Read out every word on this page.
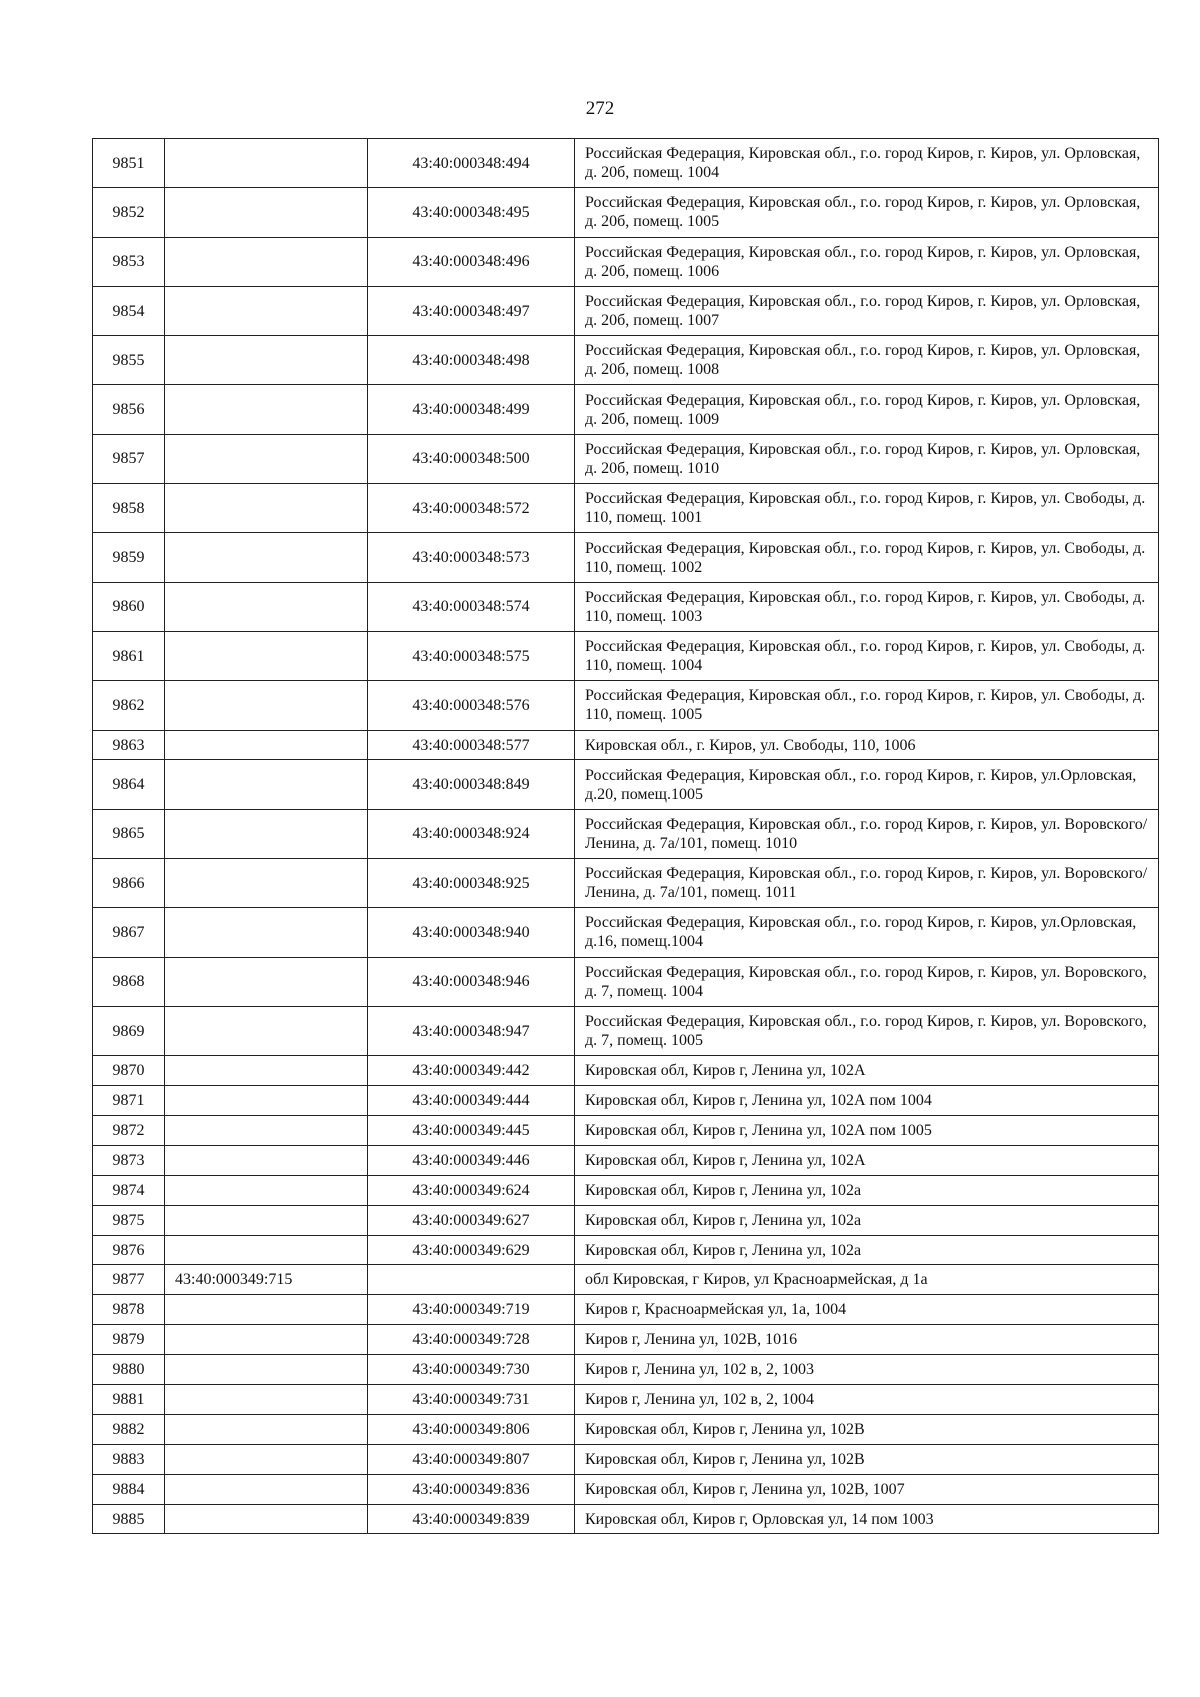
272
9851		43:40:000348:494	Российская Федерация, Кировская обл., г.о. город Киров, г. Киров, ул. Орловская, д. 20б, помещ. 1004
9852		43:40:000348:495	Российская Федерация, Кировская обл., г.о. город Киров, г. Киров, ул. Орловская, д. 20б, помещ. 1005
9853		43:40:000348:496	Российская Федерация, Кировская обл., г.о. город Киров, г. Киров, ул. Орловская, д. 20б, помещ. 1006
9854		43:40:000348:497	Российская Федерация, Кировская обл., г.о. город Киров, г. Киров, ул. Орловская, д. 20б, помещ. 1007
9855		43:40:000348:498	Российская Федерация, Кировская обл., г.о. город Киров, г. Киров, ул. Орловская, д. 20б, помещ. 1008
9856		43:40:000348:499	Российская Федерация, Кировская обл., г.о. город Киров, г. Киров, ул. Орловская, д. 20б, помещ. 1009
9857		43:40:000348:500	Российская Федерация, Кировская обл., г.о. город Киров, г. Киров, ул. Орловская, д. 20б, помещ. 1010
9858		43:40:000348:572	Российская Федерация, Кировская обл., г.о. город Киров, г. Киров, ул. Свободы, д. 110, помещ. 1001
9859		43:40:000348:573	Российская Федерация, Кировская обл., г.о. город Киров, г. Киров, ул. Свободы, д. 110, помещ. 1002
9860		43:40:000348:574	Российская Федерация, Кировская обл., г.о. город Киров, г. Киров, ул. Свободы, д. 110, помещ. 1003
9861		43:40:000348:575	Российская Федерация, Кировская обл., г.о. город Киров, г. Киров, ул. Свободы, д. 110, помещ. 1004
9862		43:40:000348:576	Российская Федерация, Кировская обл., г.о. город Киров, г. Киров, ул. Свободы, д. 110, помещ. 1005
9863		43:40:000348:577	Кировская обл., г. Киров, ул. Свободы, 110, 1006
9864		43:40:000348:849	Российская Федерация, Кировская обл., г.о. город Киров, г. Киров, ул.Орловская, д.20, помещ.1005
9865		43:40:000348:924	Российская Федерация, Кировская обл., г.о. город Киров, г. Киров, ул. Воровского/Ленина, д. 7а/101, помещ. 1010
9866		43:40:000348:925	Российская Федерация, Кировская обл., г.о. город Киров, г. Киров, ул. Воровского/Ленина, д. 7а/101, помещ. 1011
9867		43:40:000348:940	Российская Федерация, Кировская обл., г.о. город Киров, г. Киров, ул.Орловская, д.16, помещ.1004
9868		43:40:000348:946	Российская Федерация, Кировская обл., г.о. город Киров, г. Киров, ул. Воровского, д. 7, помещ. 1004
9869		43:40:000348:947	Российская Федерация, Кировская обл., г.о. город Киров, г. Киров, ул. Воровского, д. 7, помещ. 1005
9870		43:40:000349:442	Кировская обл, Киров г, Ленина ул, 102А
9871		43:40:000349:444	Кировская обл, Киров г, Ленина ул, 102А пом 1004
9872		43:40:000349:445	Кировская обл, Киров г, Ленина ул, 102А пом 1005
9873		43:40:000349:446	Кировская обл, Киров г, Ленина ул, 102А
9874		43:40:000349:624	Кировская обл, Киров г, Ленина ул, 102а
9875		43:40:000349:627	Кировская обл, Киров г, Ленина ул, 102а
9876		43:40:000349:629	Кировская обл, Киров г, Ленина ул, 102а
9877	43:40:000349:715		обл Кировская, г Киров, ул Красноармейская, д 1а
9878		43:40:000349:719	Киров г, Красноармейская ул, 1а, 1004
9879		43:40:000349:728	Киров г, Ленина ул, 102В, 1016
9880		43:40:000349:730	Киров г, Ленина ул, 102 в, 2, 1003
9881		43:40:000349:731	Киров г, Ленина ул, 102 в, 2, 1004
9882		43:40:000349:806	Кировская обл, Киров г, Ленина ул, 102В
9883		43:40:000349:807	Кировская обл, Киров г, Ленина ул, 102В
9884		43:40:000349:836	Кировская обл, Киров г, Ленина ул, 102В, 1007
9885		43:40:000349:839	Кировская обл, Киров г, Орловская ул, 14 пом 1003
